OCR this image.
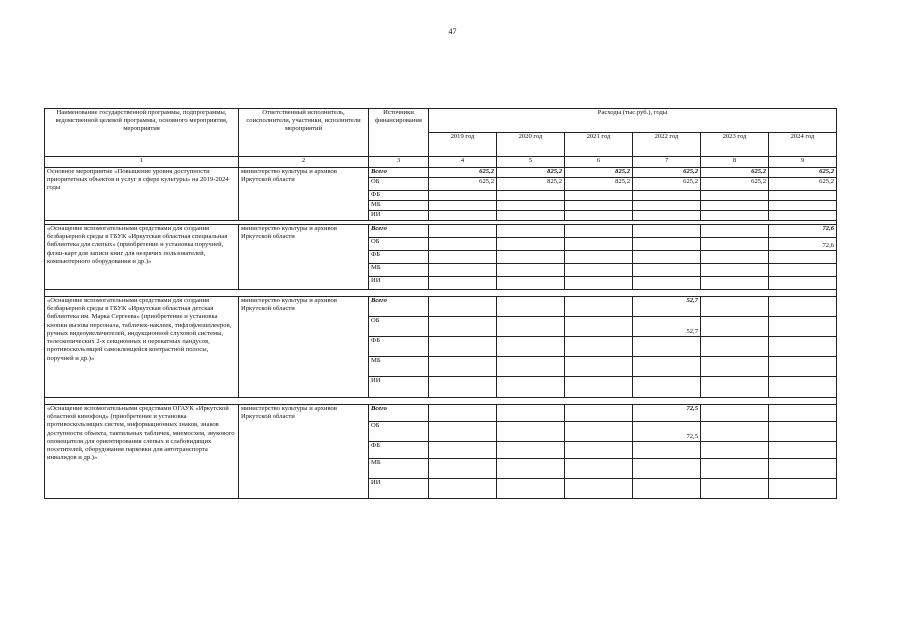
47
Наименование государственной программы, подпрограммы, ведомственной целевой программы, основного мероприятия, мероприятия	Ответственный исполнитель, соисполнители, участники, исполнители мероприятий	Источники финансирования	Расходы (тыс.руб.), годы					
			2019 год	2020 год	2021 год	2022 год	2023 год	2024 год
1	2	3	4	5	6	7	8	9
Основное мероприятие «Повышение уровня доступности приоритетных объектов и услуг в сфере культуры» на 2019-2024 годы	министерство культуры и архивов Иркутской области	Всего	625,2	825,2	825,2	625,2	625,2	625,2
		ОБ	625,2	825,2	825,2	625,2	625,2	625,2
		ФБ						
		МБ						
		ИИ						

«Оснащение вспомогательными средствами для создания безбарьерной среды в ГБУК «Иркутская областная специальная библиотека для слепых» (приобретение и установка поручней, флэш-карт для записи книг для незрячих пользователей, компьютерного оборудования и др.)»	министерство культуры и архивов Иркутской области	Всего						72,6
		ОБ						72,6
		ФБ						
		МБ						
		ИИ						

«Оснащение вспомогательными средствами для создания безбарьерной среды в ГБУК «Иркутская областная детская библиотека им. Марка Сергеева» (приобретение и установка кнопки вызова персонала, табличек-наклеек, тифлофлешплееров, ручных видеоувеличителей, индукционной слуховой системы, телескопических 2-х секционных и перекатных пандусов, противоскользящей самоклеящейся контрастной полосы, поручней и др.)»	министерство культуры и архивов Иркутской области	Всего				52,7		
		ОБ				52,7		
		ФБ						
		МБ						
		ИИ						

«Оснащение вспомогательными средствами ОГАУК «Иркутской областной кинофонд» (приобретение и установка противоскользящих систем, информационных знаков, знаков доступности объекта, тактильных табличек, мнемосхем, звукового оповещателя для ориентирования слепых и слабовидящих посетителей, оборудования парковки для автотранспорта инвалидов и др.)»	министерство культуры и архивов Иркутской области	Всего				72,5		
		ОБ				72,5		
		ФБ						
		МБ						
		ИИ						
